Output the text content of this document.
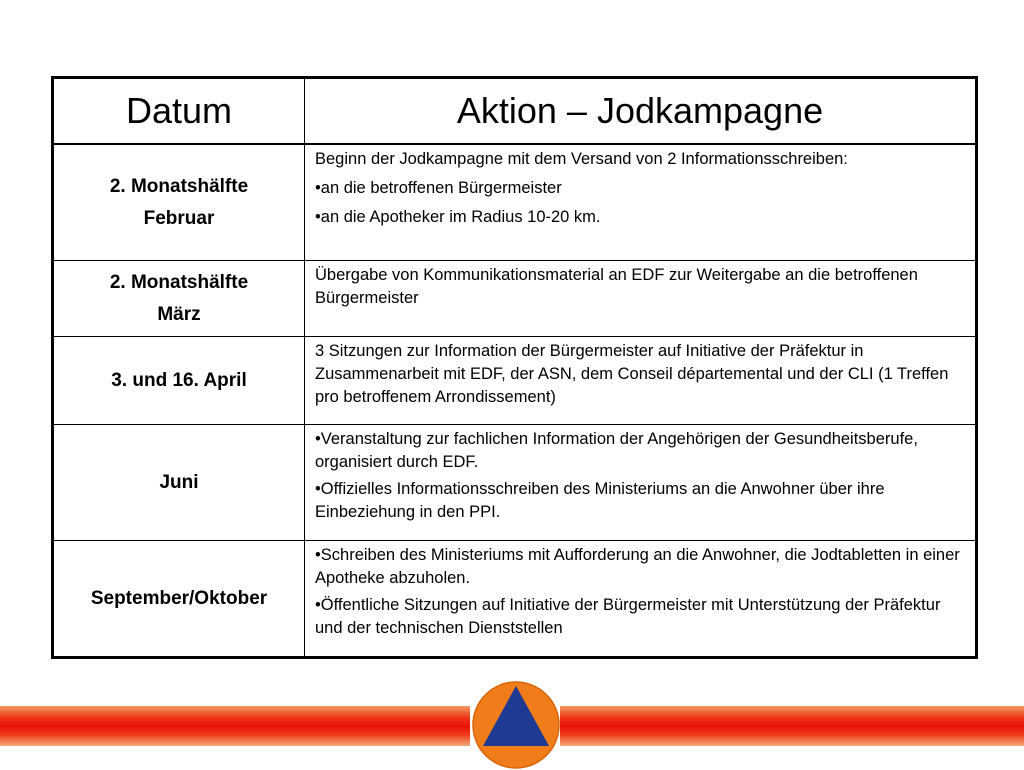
Datum	Aktion – Jodkampagne
2. Monatshälfte
Februar	Beginn der Jodkampagne mit dem Versand von 2 Informationsschreiben:
•an die betroffenen Bürgermeister
•an die Apotheker im Radius 10-20 km.

2. Monatshälfte
März	Übergabe von Kommunikationsmaterial an EDF zur Weitergabe an die betroffenen Bürgermeister

3. und 16. April	3 Sitzungen zur Information der Bürgermeister auf Initiative der Präfektur in Zusammenarbeit mit EDF, der ASN, dem Conseil départemental und der CLI (1 Treffen pro betroffenem Arrondissement)

Juni	•Veranstaltung zur fachlichen Information der Angehörigen der Gesundheitsberufe, organisiert durch EDF.
•Offizielles Informationsschreiben des Ministeriums an die Anwohner über ihre Einbeziehung in den PPI.

September/Oktober	•Schreiben des Ministeriums mit Aufforderung an die Anwohner, die Jodtabletten in einer Apotheke abzuholen.
•Öffentliche Sitzungen auf Initiative der Bürgermeister mit Unterstützung der Präfektur und der technischen Dienststellen
